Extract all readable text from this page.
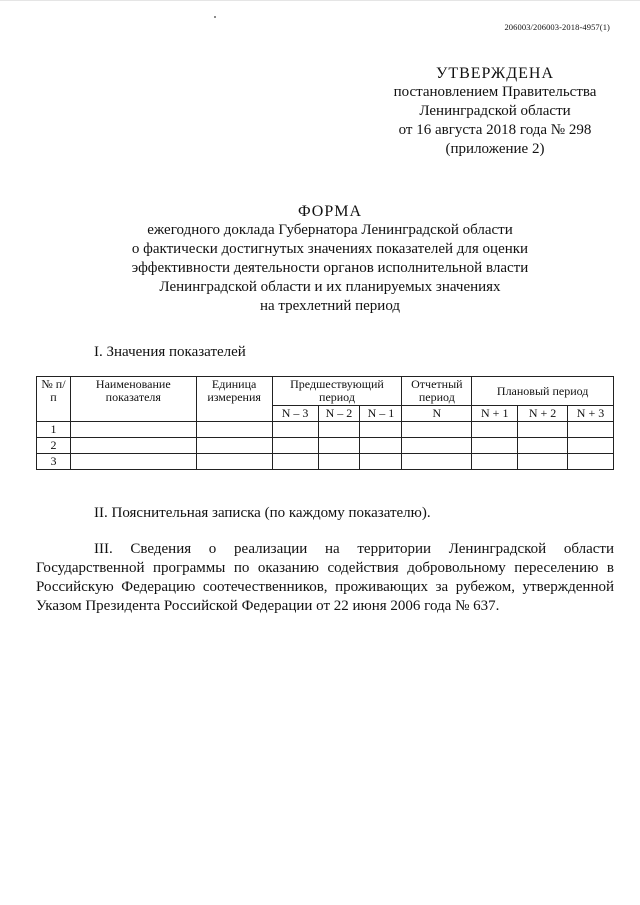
206003/206003-2018-4957(1)
УТВЕРЖДЕНА
постановлением Правительства
Ленинградской области
от 16 августа 2018 года № 298
(приложение 2)
ФОРМА
ежегодного доклада Губернатора Ленинградской области
о фактически достигнутых значениях показателей для оценки
эффективности деятельности органов исполнительной власти
Ленинградской области и их планируемых значениях
на трехлетний период
I. Значения показателей
№ п/п	Наименование показателя	Единица измерения	Предшествующий период			Отчетный период	Плановый период		
			N – 3	N – 2	N – 1	N	N + 1	N + 2	N + 3
1									
2									
3									
II. Пояснительная записка (по каждому показателю).
III. Сведения о реализации на территории Ленинградской области Государственной программы по оказанию содействия добровольному переселению в Российскую Федерацию соотечественников, проживающих за рубежом, утвержденной Указом Президента Российской Федерации от 22 июня 2006 года № 637.
